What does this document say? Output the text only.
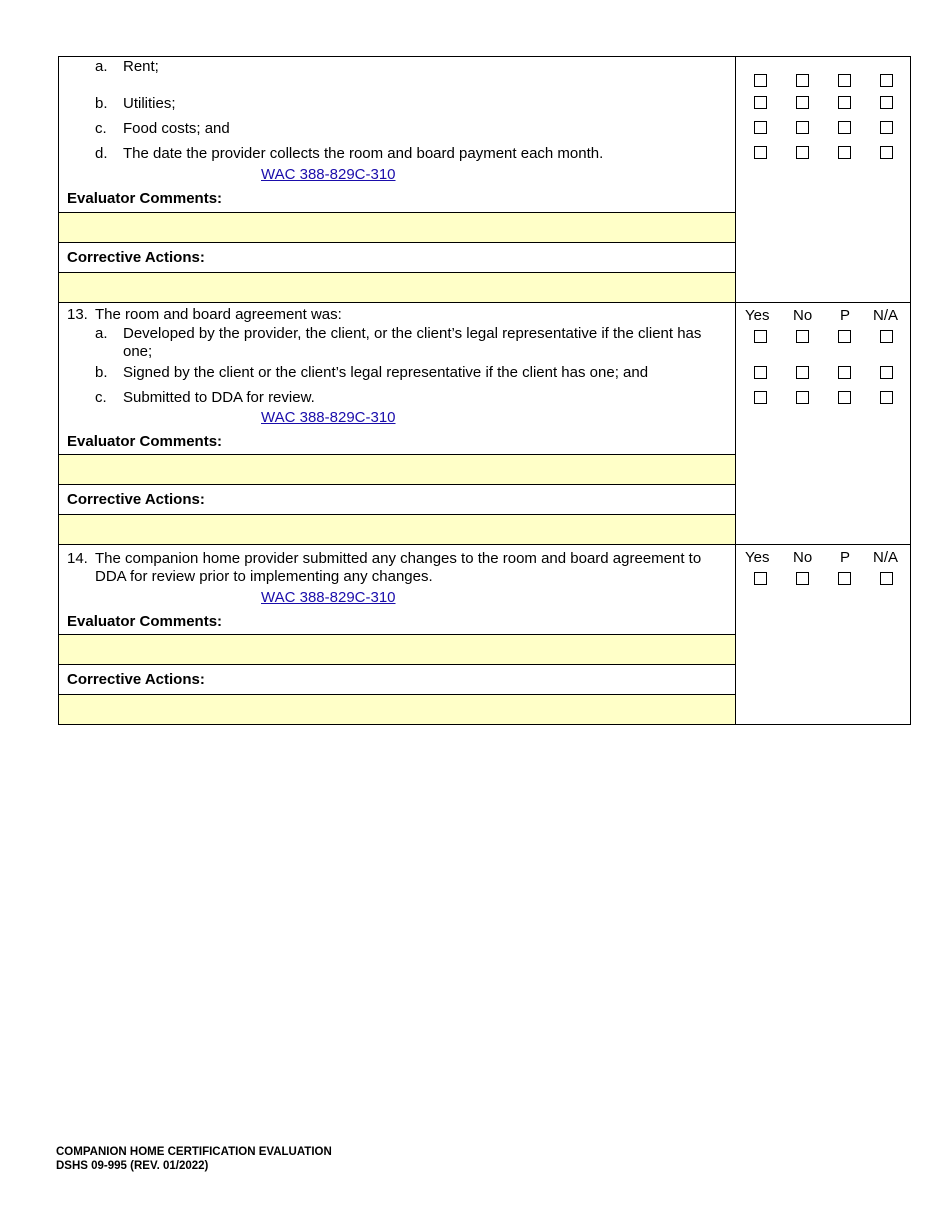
a. Rent;
b. Utilities;
c. Food costs; and
d. The date the provider collects the room and board payment each month.
WAC 388-829C-310
Evaluator Comments:
Corrective Actions:
13. The room and board agreement was:
a. Developed by the provider, the client, or the client’s legal representative if the client has
one;
b. Signed by the client or the client’s legal representative if the client has one; and
c. Submitted to DDA for review.
WAC 388-829C-310
Evaluator Comments:
Corrective Actions:
Yes No P N/A
14. The companion home provider submitted any changes to the room and board agreement to
DDA for review prior to implementing any changes.
WAC 388-829C-310
Evaluator Comments:
Corrective Actions:
Yes No P N/A
COMPANION HOME CERTIFICATION EVALUATION
DSHS 09-995 (REV. 01/2022)
